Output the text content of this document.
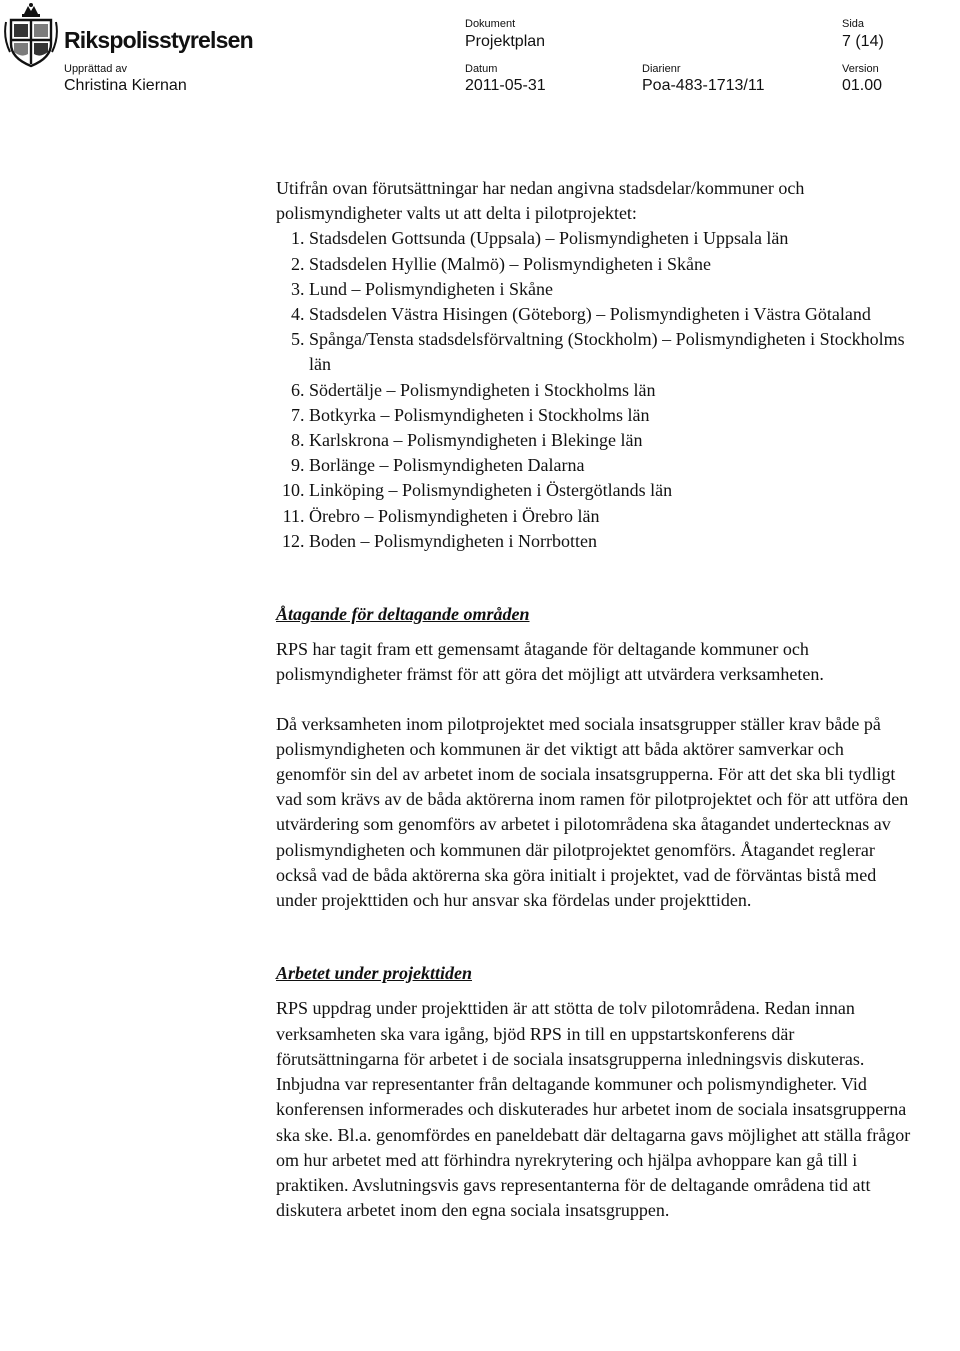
Rikspolisstyrelsen
Upprättad av
Christina Kiernan
Dokument
Projektplan
Datum
2011-05-31
Diarienr
Poa-483-1713/11
Sida
7 (14)
Version
01.00

Utifrån ovan förutsättningar har nedan angivna stadsdelar/kommuner och polismyndigheter valts ut att delta i pilotprojektet:

1. Stadsdelen Gottsunda (Uppsala) – Polismyndigheten i Uppsala län
2. Stadsdelen Hyllie (Malmö) – Polismyndigheten i Skåne
3. Lund – Polismyndigheten i Skåne
4. Stadsdelen Västra Hisingen (Göteborg) – Polismyndigheten i Västra Götaland
5. Spånga/Tensta stadsdelsförvaltning (Stockholm) – Polismyndigheten i Stockholms län
6. Södertälje – Polismyndigheten i Stockholms län
7. Botkyrka – Polismyndigheten i Stockholms län
8. Karlskrona – Polismyndigheten i Blekinge län
9. Borlänge – Polismyndigheten Dalarna
10. Linköping – Polismyndigheten i Östergötlands län
11. Örebro – Polismyndigheten i Örebro län
12. Boden – Polismyndigheten i Norrbotten
Åtagande för deltagande områden

RPS har tagit fram ett gemensamt åtagande för deltagande kommuner och polismyndigheter främst för att göra det möjligt att utvärdera verksamheten.

Då verksamheten inom pilotprojektet med sociala insatsgrupper ställer krav både på polismyndigheten och kommunen är det viktigt att båda aktörer samverkar och genomför sin del av arbetet inom de sociala insatsgrupperna. För att det ska bli tydligt vad som krävs av de båda aktörerna inom ramen för pilotprojektet och för att utföra den utvärdering som genomförs av arbetet i pilotområdena ska åtagandet undertecknas av polismyndigheten och kommunen där pilotprojektet genomförs. Åtagandet reglerar också vad de båda aktörerna ska göra initialt i projektet, vad de förväntas bistå med under projekttiden och hur ansvar ska fördelas under projekttiden.

Arbetet under projekttiden

RPS uppdrag under projekttiden är att stötta de tolv pilotområdena. Redan innan verksamheten ska vara igång, bjöd RPS in till en uppstartskonferens där förutsättningarna för arbetet i de sociala insatsgrupperna inledningsvis diskuteras. Inbjudna var representanter från deltagande kommuner och polismyndigheter. Vid konferensen informerades och diskuterades hur arbetet inom de sociala insatsgrupperna ska ske. Bl.a. genomfördes en paneldebatt där deltagarna gavs möjlighet att ställa frågor om hur arbetet med att förhindra nyrekrytering och hjälpa avhoppare kan gå till i praktiken. Avslutningsvis gavs representanterna för de deltagande områdena tid att diskutera arbetet inom den egna sociala insatsgruppen.
